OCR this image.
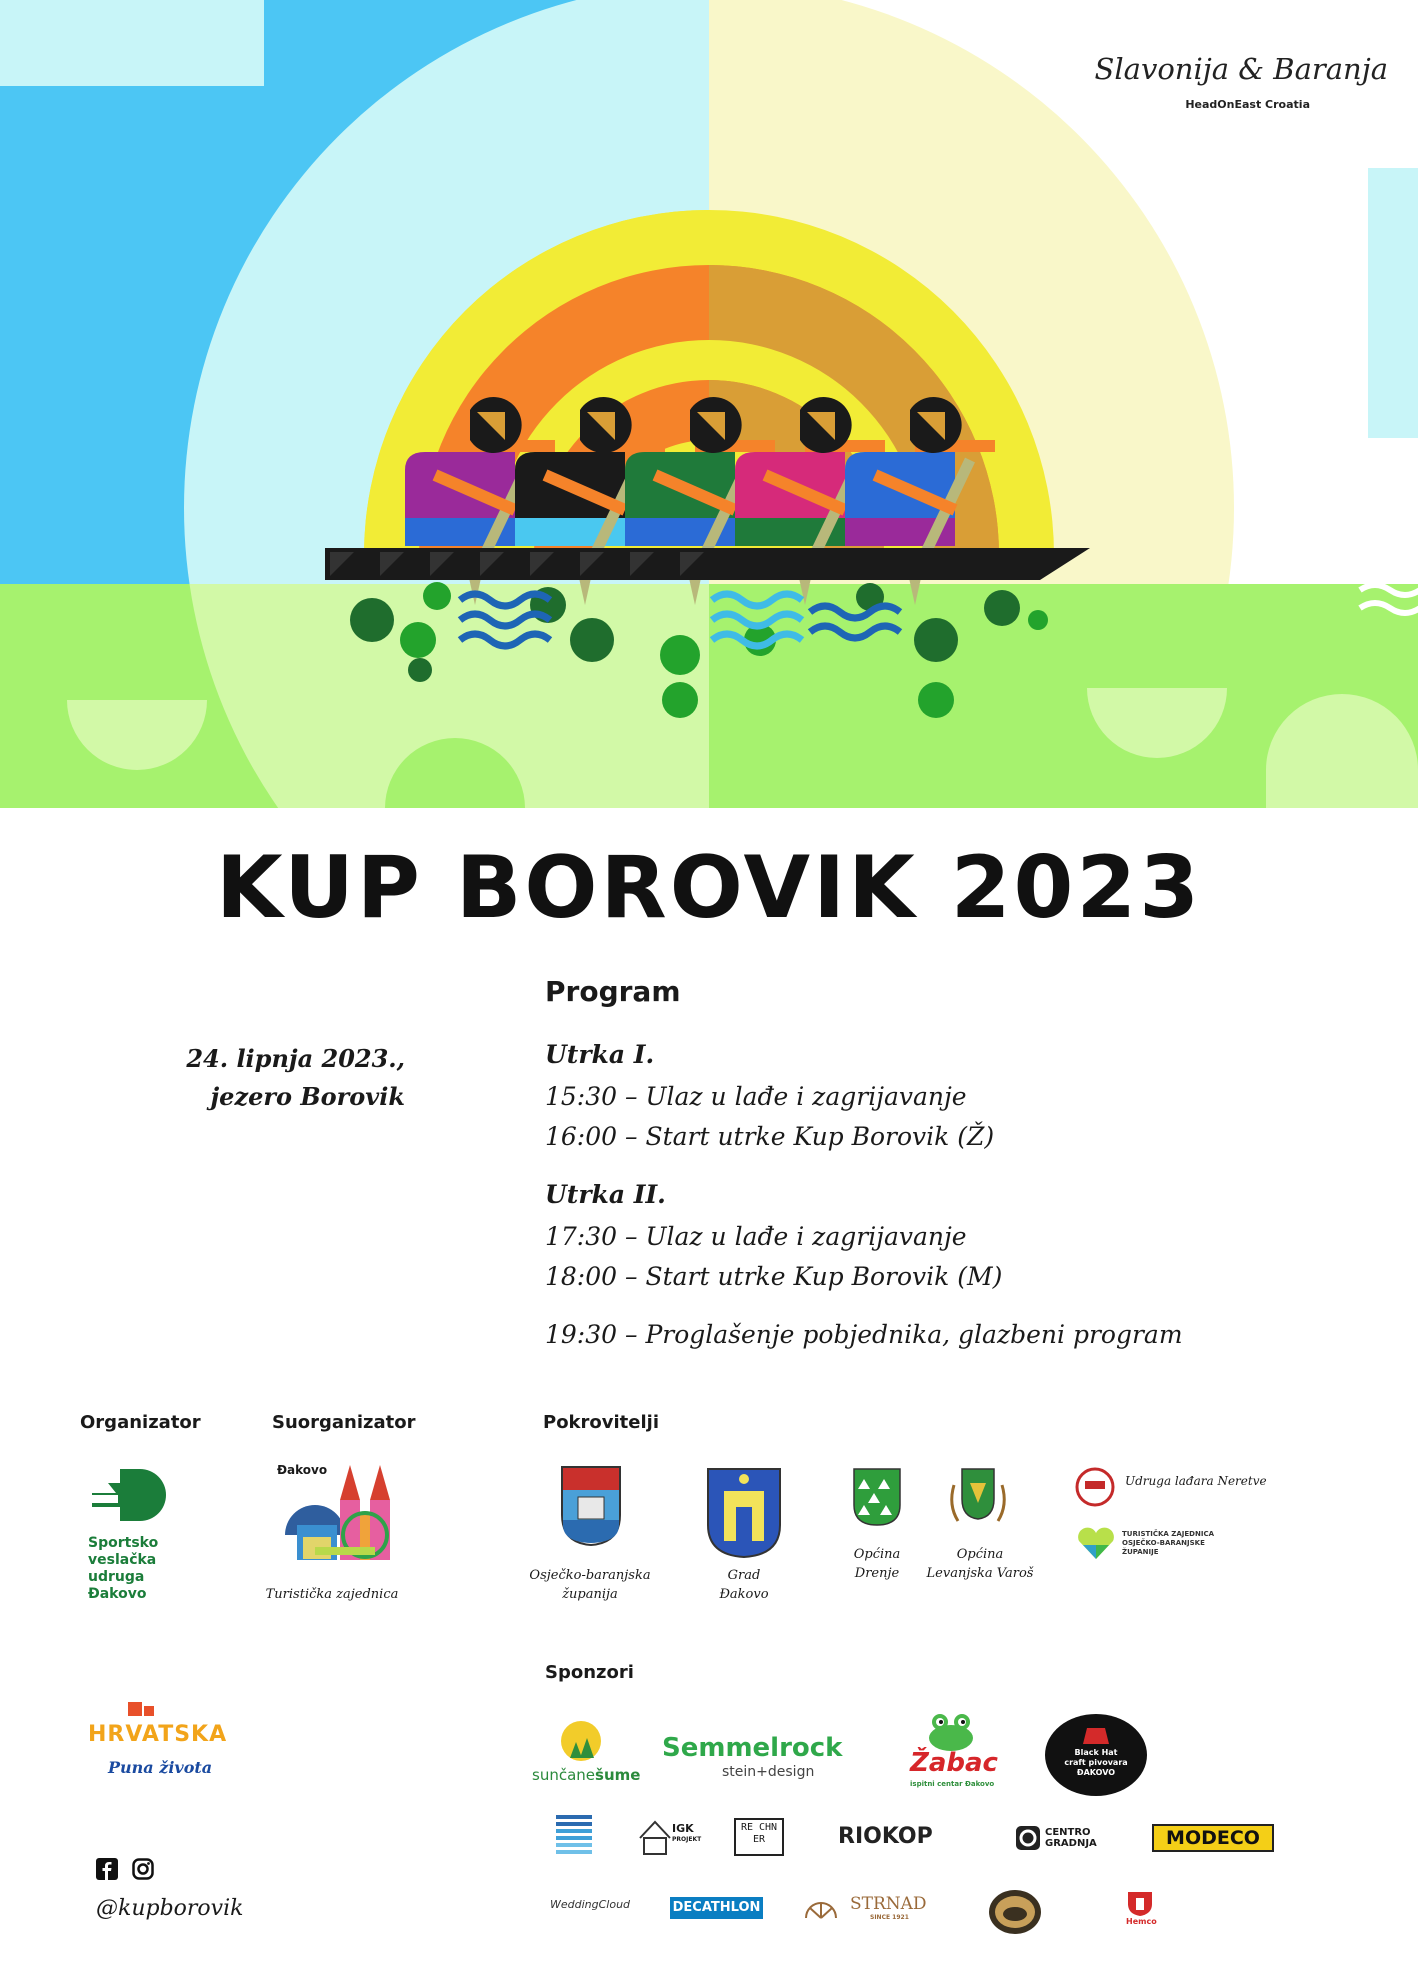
Slavonija & Baranja
HeadOnEast Croatia
KUP BOROVIK 2023
Program
24. lipnja 2023.,
jezero Borovik
Utrka I.
15:30 – Ulaz u lađe i zagrijavanje
16:00 – Start utrke Kup Borovik (Ž)
Utrka II.
17:30 – Ulaz u lađe i zagrijavanje
18:00 – Start utrke Kup Borovik (M)
19:30 – Proglašenje pobjednika, glazbeni program
Organizator
Sportsko
veslačka
udruga
Đakovo
Suorganizator
Đakovo
Turistička zajednica
Pokrovitelji
Osječko-baranjska
županija
Grad
Đakovo
Općina
Drenje
Općina
Levanjska Varoš
Udruga lađara Neretve
TURISTIČKA ZAJEDNICA
OSJEČKO-BARANJSKE
ŽUPANIJE
Sponzori
sunčanešume
Semmelrock
stein+design	Žabac
ispitni centar Đakovo
Black Hat
craft pivovara
ĐAKOVO
IGK
PROJEKT
RE CHN ER	RIOKOP	CENTRO
GRADNJA	MODECO
WeddingCloud	DECATHLON	STRNAD
SINCE 1921	Hemco
HRVATSKA
Puna života
@kupborovik
